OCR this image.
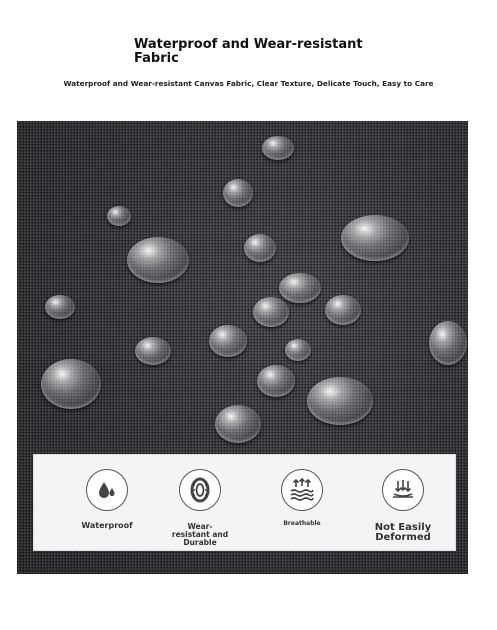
Waterproof and Wear-resistant Fabric
Waterproof and Wear-resistant Canvas Fabric, Clear Texture, Delicate Touch, Easy to Care
Waterproof	Wear-resistant and Durable
Breathable	Not Easily Deformed
